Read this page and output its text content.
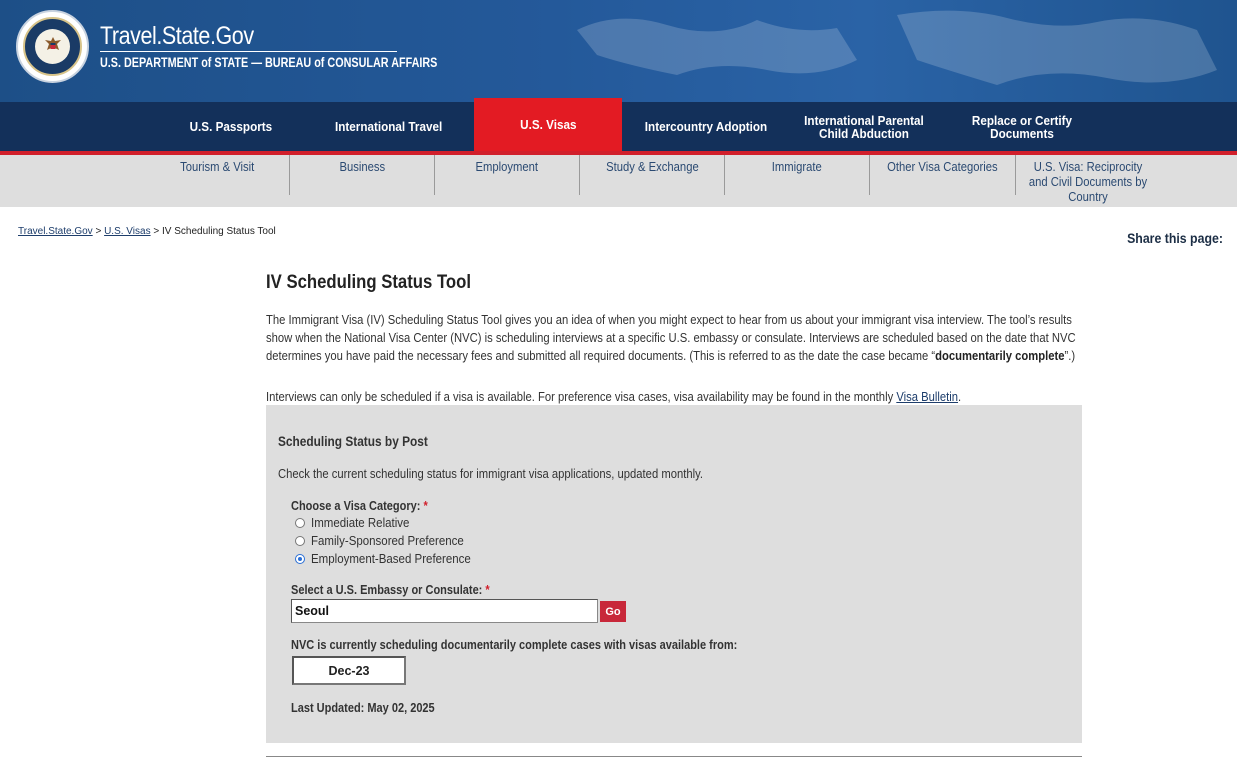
Travel.State.Gov
U.S. DEPARTMENT of STATE — BUREAU of CONSULAR AFFAIRS
U.S. Passports	International Travel	U.S. Visas	Intercountry Adoption	International Parental Child Abduction
Replace or Certify Documents
Tourism & Visit	Business	Employment	Study & Exchange	Immigrate	Other Visa Categories	U.S. Visa: Reciprocity and Civil Documents by Country
Travel.State.Gov > U.S. Visas > IV Scheduling Status Tool	Share this page:
IV Scheduling Status Tool
The Immigrant Visa (IV) Scheduling Status Tool gives you an idea of when you might expect to hear from us about your immigrant visa interview. The tool’s results show when the National Visa Center (NVC) is scheduling interviews at a specific U.S. embassy or consulate. Interviews are scheduled based on the date that NVC determines you have paid the necessary fees and submitted all required documents. (This is referred to as the date the case became “documentarily complete”.)
Interviews can only be scheduled if a visa is available. For preference visa cases, visa availability may be found in the monthly Visa Bulletin.
Scheduling Status by Post
Check the current scheduling status for immigrant visa applications, updated monthly.
Choose a Visa Category: *
Immediate Relative
Family-Sponsored Preference
Employment-Based Preference
Select a U.S. Embassy or Consulate: *
Seoul	Go
NVC is currently scheduling documentarily complete cases with visas available from:
Dec-23
Last Updated: May 02, 2025
